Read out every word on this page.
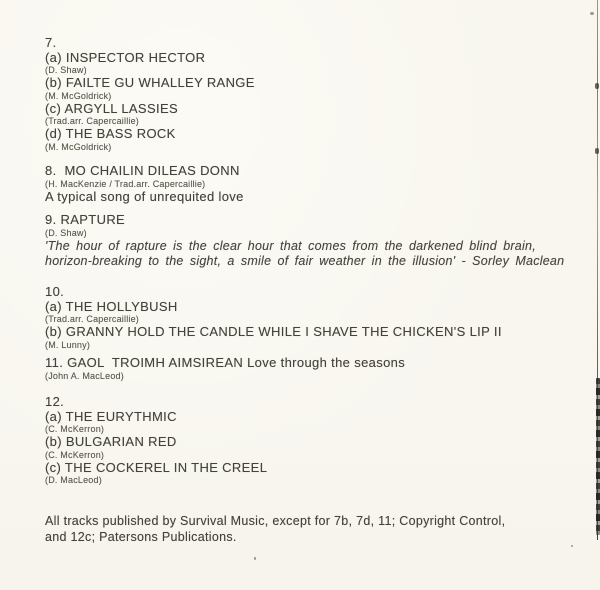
7.
(a) INSPECTOR HECTOR
(D. Shaw)
(b) FAILTE GU WHALLEY RANGE
(M. McGoldrick)
(c) ARGYLL LASSIES
(Trad.arr. Capercaillie)
(d) THE BASS ROCK
(M. McGoldrick)
8.  MO CHAILIN DILEAS DONN
(H. MacKenzie / Trad.arr. Capercaillie)
A typical song of unrequited love
9. RAPTURE
(D. Shaw)
'The hour of rapture is the clear hour that comes from the darkened blind brain,
horizon-breaking to the sight, a smile of fair weather in the illusion' - Sorley Maclean
10.
(a) THE HOLLYBUSH
(Trad.arr. Capercaillie)
(b) GRANNY HOLD THE CANDLE WHILE I SHAVE THE CHICKEN'S LIP II
(M. Lunny)
11. GAOL  TROIMH AIMSIREAN Love through the seasons
(John A. MacLeod)
12.
(a) THE EURYTHMIC
(C. McKerron)
(b) BULGARIAN RED
(C. McKerron)
(c) THE COCKEREL IN THE CREEL
(D. MacLeod)
All tracks published by Survival Music, except for 7b, 7d, 11; Copyright Control,
and 12c; Patersons Publications.
